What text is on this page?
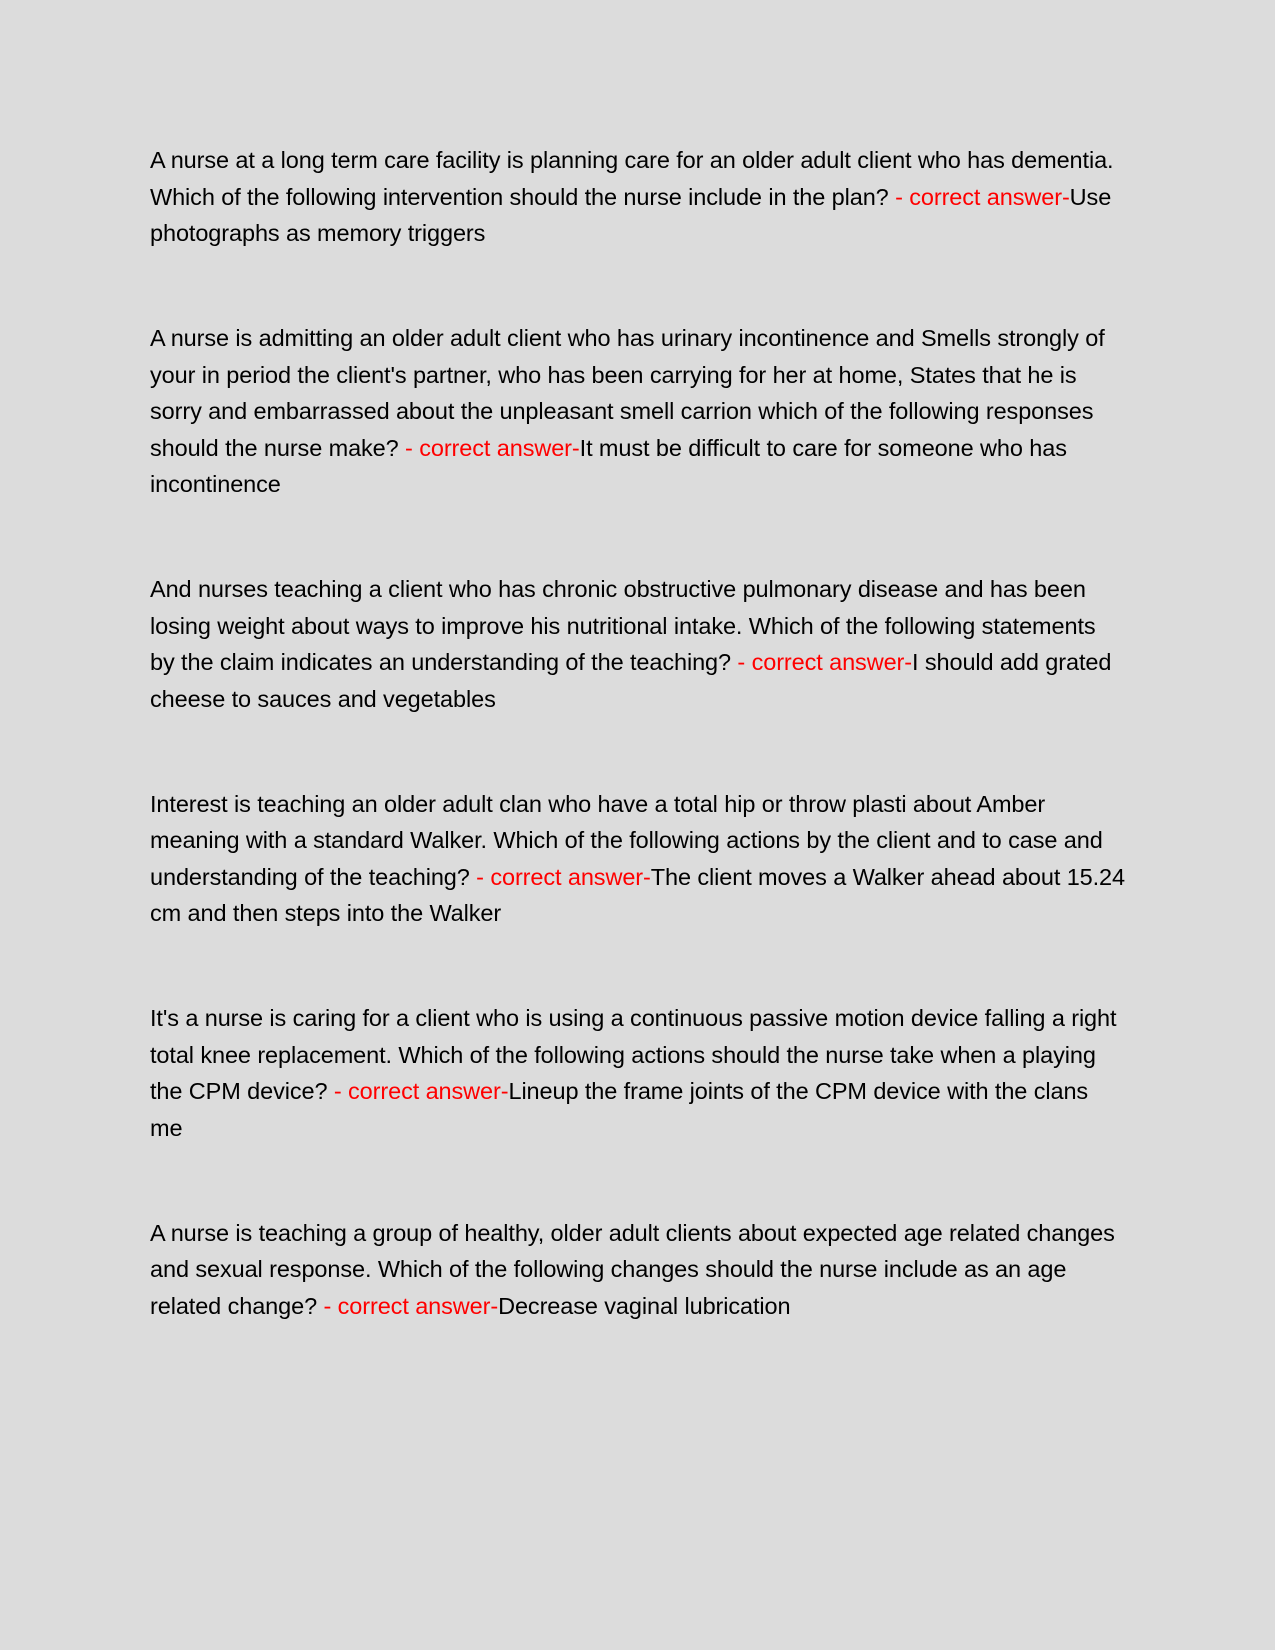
A nurse at a long term care facility is planning care for an older adult client who has dementia. Which of the following intervention should the nurse include in the plan? - correct answer-Use photographs as memory triggers

A nurse is admitting an older adult client who has urinary incontinence and Smells strongly of your in period the client's partner, who has been carrying for her at home, States that he is sorry and embarrassed about the unpleasant smell carrion which of the following responses should the nurse make? - correct answer-It must be difficult to care for someone who has incontinence

And nurses teaching a client who has chronic obstructive pulmonary disease and has been losing weight about ways to improve his nutritional intake. Which of the following statements by the claim indicates an understanding of the teaching? - correct answer-I should add grated cheese to sauces and vegetables

Interest is teaching an older adult clan who have a total hip or throw plasti about Amber meaning with a standard Walker. Which of the following actions by the client and to case and understanding of the teaching? - correct answer-The client moves a Walker ahead about 15.24 cm and then steps into the Walker

It's a nurse is caring for a client who is using a continuous passive motion device falling a right total knee replacement. Which of the following actions should the nurse take when a playing the CPM device? - correct answer-Lineup the frame joints of the CPM device with the clans me

A nurse is teaching a group of healthy, older adult clients about expected age related changes and sexual response. Which of the following changes should the nurse include as an age related change? - correct answer-Decrease vaginal lubrication
